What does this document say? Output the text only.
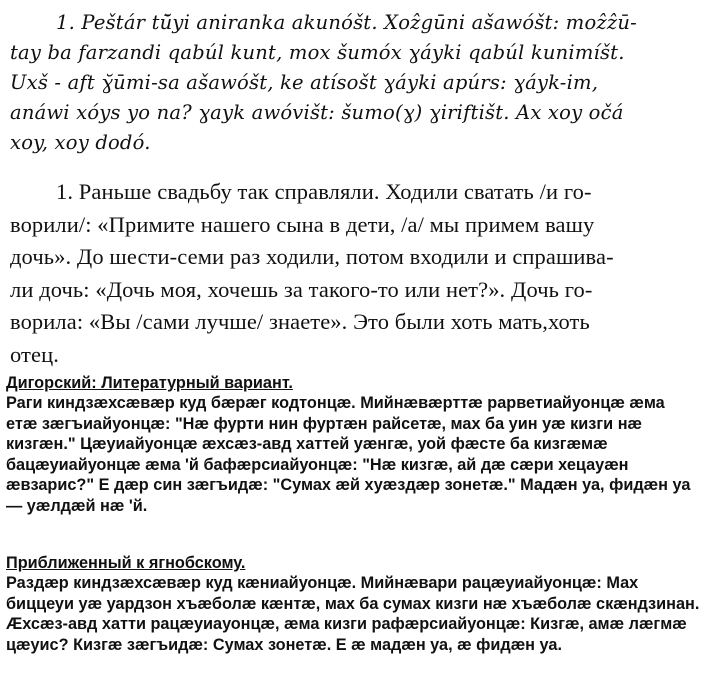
1. Peštár tū̆yi aniranka akunóšt. Xoẑgūni ašawóšt: moẑẑū-
tay ba farzandi qabúl kunt, mox šumóx ɣáyki qabúl kunimíšt.
Uxš - aft ɣ̆ūmi-sa ašawóšt, ke atísošt ɣáyki apúrs: ɣáyk-im,
anáwi xóys yo na? ɣayk awóvišt: šumo(ɣ) ɣiriftišt. Ax xoy očá
xoy, xoy dodó.
1. Раньше свадьбу так справляли. Ходили сватать /и го-
ворили/: «Примите нашего сына в дети, /а/ мы примем вашу
дочь». До шести-семи раз ходили, потом входили и спрашива-
ли дочь: «Дочь моя, хочешь за такого-то или нет?». Дочь го-
ворила: «Вы /сами лучше/ знаете». Это были хоть мать,хоть
отец.
Дигорский: Литературный вариант.
Раги киндзæхсæвæр куд бæрæг кодтонцæ. Мийнæвæрттæ рарветиайуонцæ æма
етæ зæгъиайуонцæ: "Нæ фурти нин фуртæн райсетæ, мах ба уин уæ кизги нæ
кизгæн." Цæуиайуонцæ æхсæз-авд хаттей уæнгæ, уой фæсте ба кизгæмæ
бацæуиайуонцæ æма 'й бафæрсиайуонцæ: "Нæ кизгæ, ай дæ сæри хецауæн
æвзарис?" Е дæр син зæгъидæ: "Сумах æй хуæздæр зонетæ." Мадæн уа, фидæн уа
— уæлдæй нæ 'й.
Приближенный к ягнобскому.
Раздæр киндзæхсæвæр куд кæниайуонцæ. Мийнæвари рацæуиайуонцæ: Мах
биццеуи уæ уардзон хъæболæ кæнтæ, мах ба сумах кизги нæ хъæболæ скæндзинан.
Æхсæз-авд хатти рацæуиауонцæ, æма кизги рафæрсиайуонцæ: Кизгæ, амæ лæгмæ
цæуис? Кизгæ зæгъидæ: Сумах зонетæ. Е æ мадæн уа, æ фидæн уа.
